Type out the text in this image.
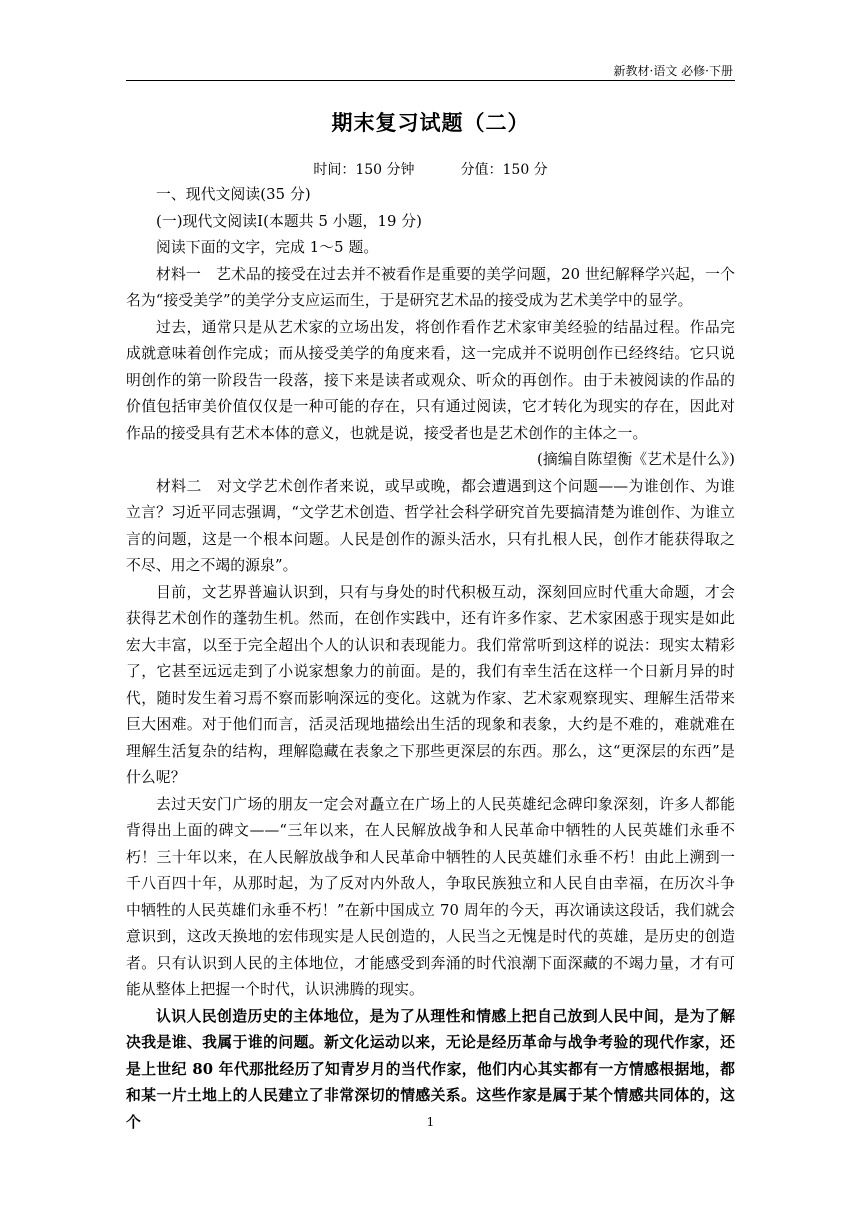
新教材·语文 必修·下册
期末复习试题（二）
时间：150 分钟	分值：150 分

一、现代文阅读(35 分)

(一)现代文阅读Ⅰ(本题共 5 小题，19 分)

阅读下面的文字，完成 1～5 题。

材料一　艺术品的接受在过去并不被看作是重要的美学问题，20 世纪解释学兴起，一个名为“接受美学”的美学分支应运而生，于是研究艺术品的接受成为艺术美学中的显学。

过去，通常只是从艺术家的立场出发，将创作看作艺术家审美经验的结晶过程。作品完成就意味着创作完成；而从接受美学的角度来看，这一完成并不说明创作已经终结。它只说明创作的第一阶段告一段落，接下来是读者或观众、听众的再创作。由于未被阅读的作品的价值包括审美价值仅仅是一种可能的存在，只有通过阅读，它才转化为现实的存在，因此对作品的接受具有艺术本体的意义，也就是说，接受者也是艺术创作的主体之一。

(摘编自陈望衡《艺术是什么》)

材料二　对文学艺术创作者来说，或早或晚，都会遭遇到这个问题——为谁创作、为谁立言？习近平同志强调，“文学艺术创造、哲学社会科学研究首先要搞清楚为谁创作、为谁立言的问题，这是一个根本问题。人民是创作的源头活水，只有扎根人民，创作才能获得取之不尽、用之不竭的源泉”。

目前，文艺界普遍认识到，只有与身处的时代积极互动，深刻回应时代重大命题，才会获得艺术创作的蓬勃生机。然而，在创作实践中，还有许多作家、艺术家困惑于现实是如此宏大丰富，以至于完全超出个人的认识和表现能力。我们常常听到这样的说法：现实太精彩了，它甚至远远走到了小说家想象力的前面。是的，我们有幸生活在这样一个日新月异的时代，随时发生着习焉不察而影响深远的变化。这就为作家、艺术家观察现实、理解生活带来巨大困难。对于他们而言，活灵活现地描绘出生活的现象和表象，大约是不难的，难就难在理解生活复杂的结构，理解隐藏在表象之下那些更深层的东西。那么，这“更深层的东西”是什么呢？

去过天安门广场的朋友一定会对矗立在广场上的人民英雄纪念碑印象深刻，许多人都能背得出上面的碑文——“三年以来，在人民解放战争和人民革命中牺牲的人民英雄们永垂不朽！三十年以来，在人民解放战争和人民革命中牺牲的人民英雄们永垂不朽！由此上溯到一千八百四十年，从那时起，为了反对内外敌人，争取民族独立和人民自由幸福，在历次斗争中牺牲的人民英雄们永垂不朽！”在新中国成立 70 周年的今天，再次诵读这段话，我们就会意识到，这改天换地的宏伟现实是人民创造的，人民当之无愧是时代的英雄，是历史的创造者。只有认识到人民的主体地位，才能感受到奔涌的时代浪潮下面深藏的不竭力量，才有可能从整体上把握一个时代，认识沸腾的现实。

认识人民创造历史的主体地位，是为了从理性和情感上把自己放到人民中间，是为了解决我是谁、我属于谁的问题。新文化运动以来，无论是经历革命与战争考验的现代作家，还是上世纪 80 年代那批经历了知青岁月的当代作家，他们内心其实都有一方情感根据地，都和某一片土地上的人民建立了非常深切的情感关系。这些作家是属于某个情感共同体的，这个	1
